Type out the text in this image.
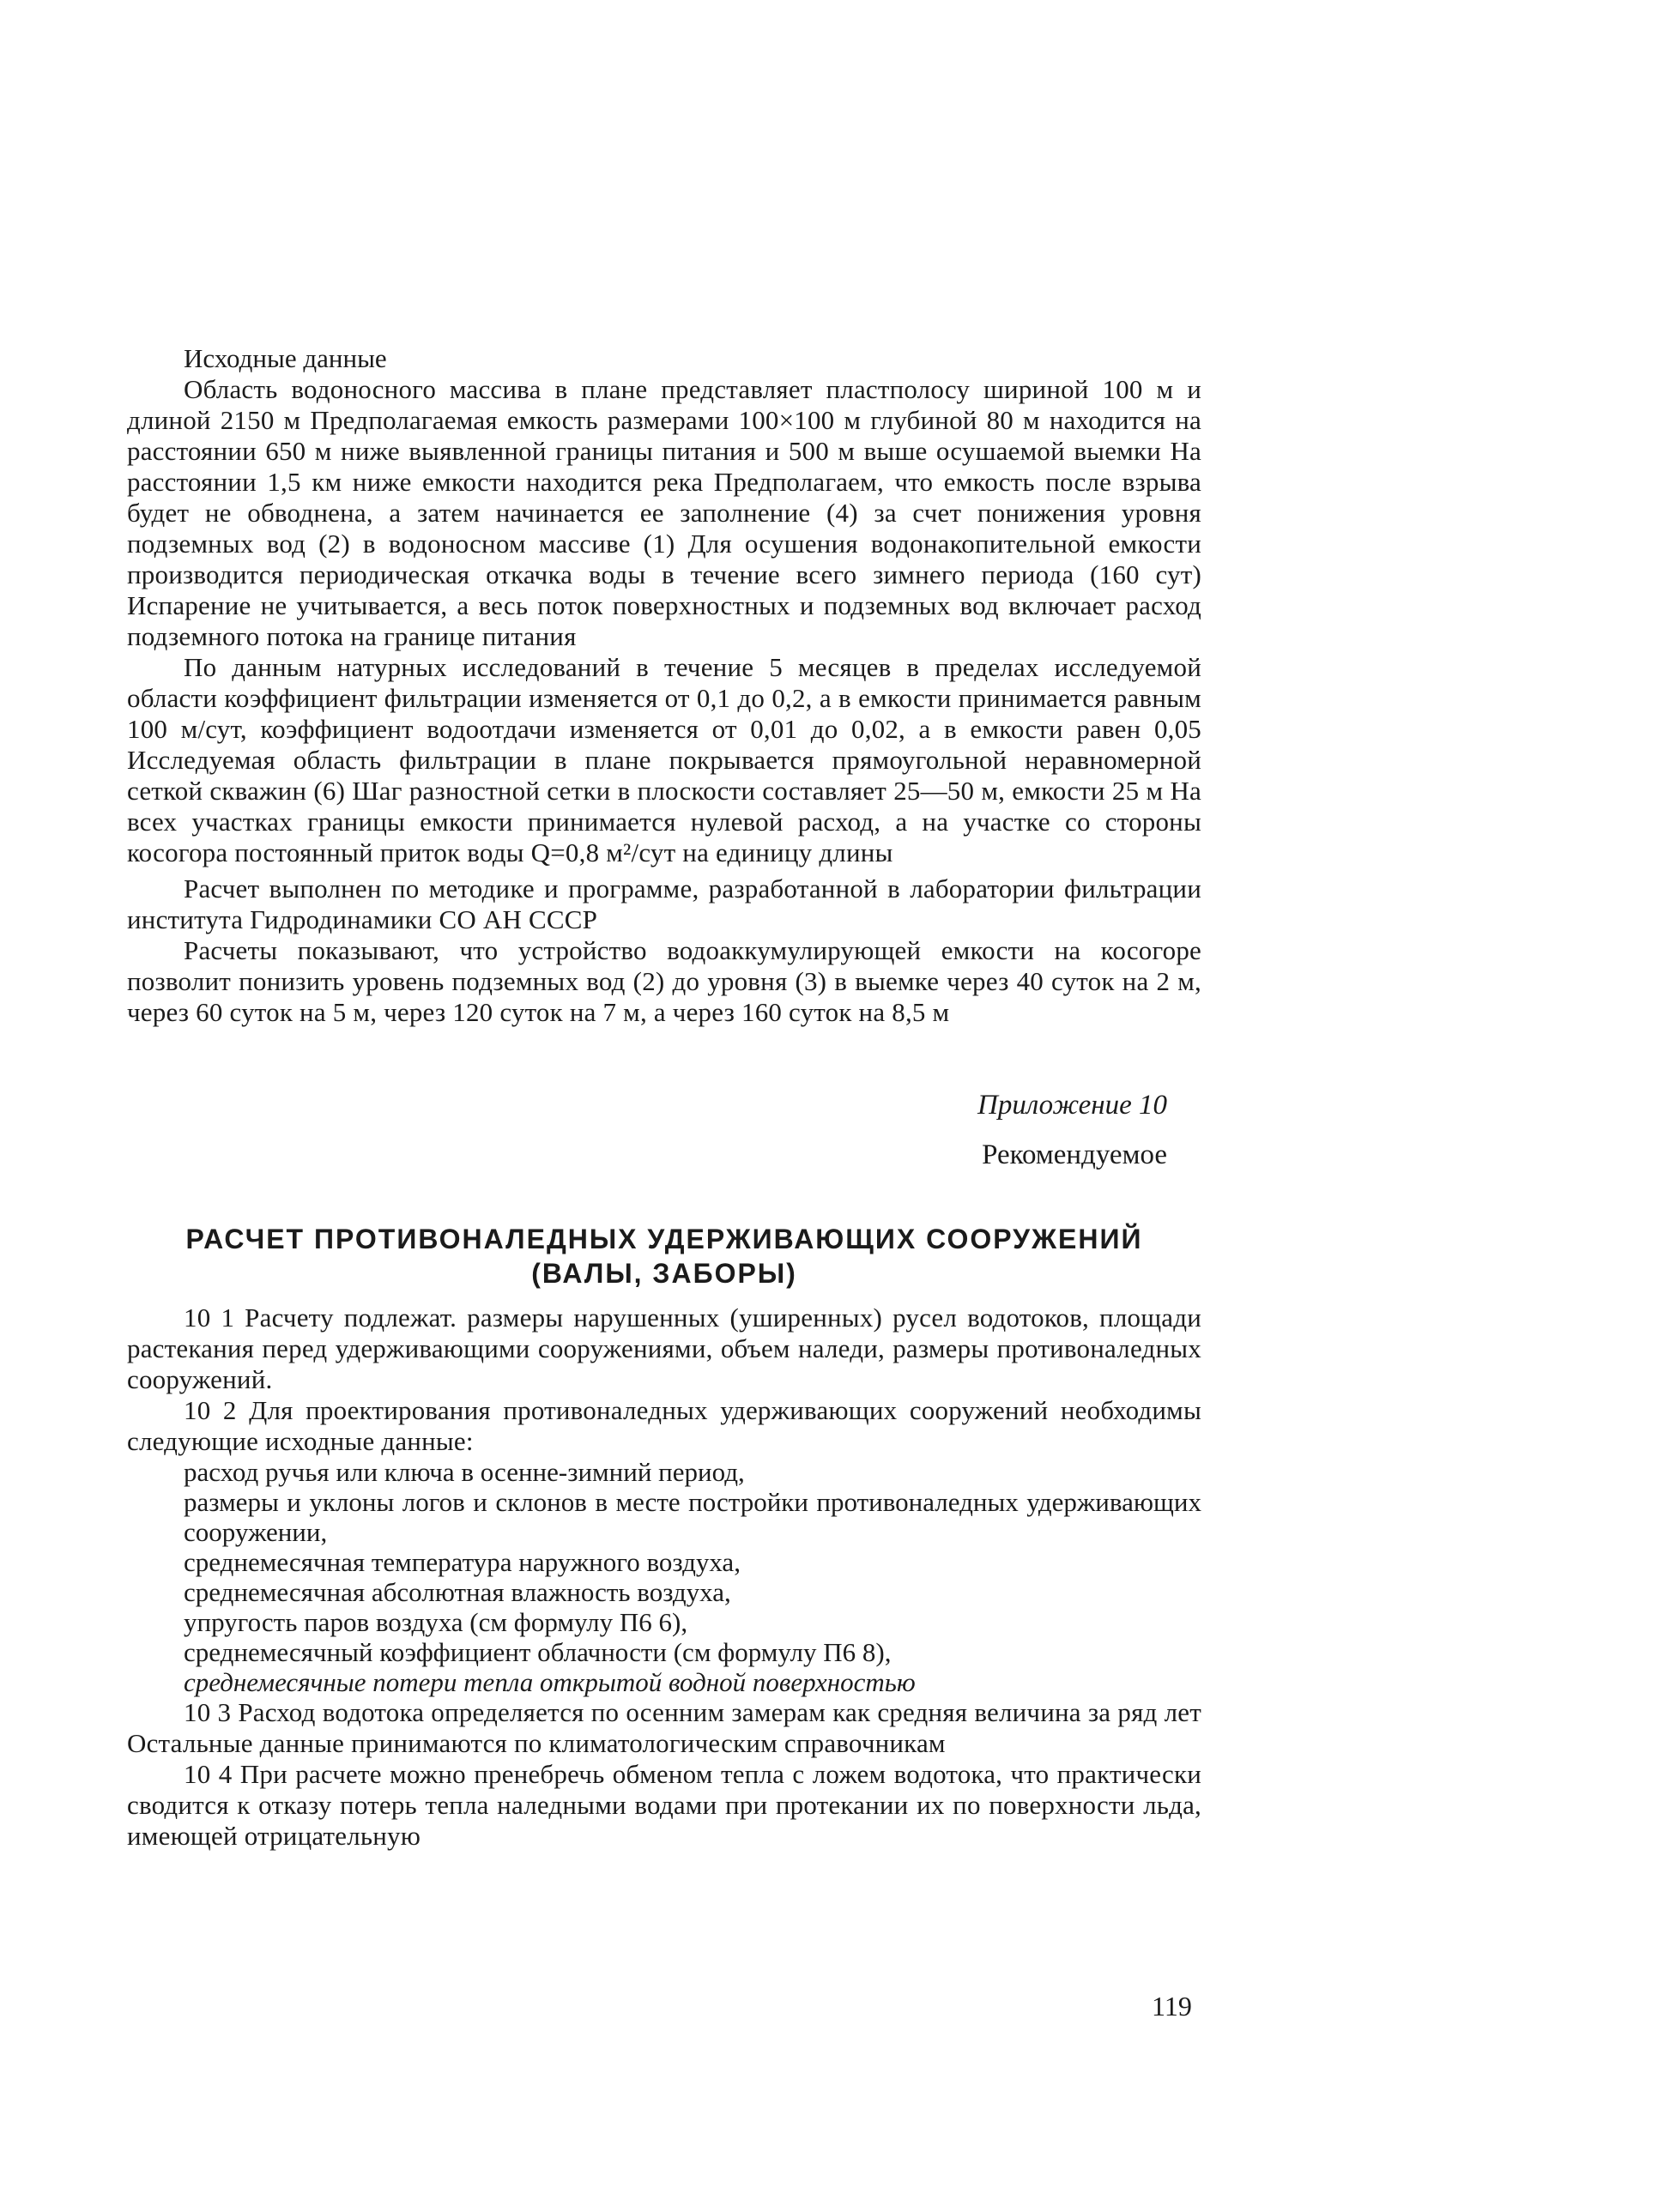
Исходные данные

Область водоносного массива в плане представляет пластполосу шириной 100 м и длиной 2150 м Предполагаемая емкость размерами 100×100 м глубиной 80 м находится на расстоянии 650 м ниже выявленной границы питания и 500 м выше осушаемой выемки На расстоянии 1,5 км ниже емкости находится река Предполагаем, что емкость после взрыва будет не обводнена, а затем начинается ее заполнение (4) за счет понижения уровня подземных вод (2) в водоносном массиве (1) Для осушения водонакопительной емкости производится периодическая откачка воды в течение всего зимнего периода (160 сут) Испарение не учитывается, а весь поток поверхностных и подземных вод включает расход подземного потока на границе питания

По данным натурных исследований в течение 5 месяцев в пределах исследуемой области коэффициент фильтрации изменяется от 0,1 до 0,2, а в емкости принимается равным 100 м/сут, коэффициент водоотдачи изменяется от 0,01 до 0,02, а в емкости равен 0,05 Исследуемая область фильтрации в плане покрывается прямоугольной неравномерной сеткой скважин (6) Шаг разностной сетки в плоскости составляет 25—50 м, емкости 25 м На всех участках границы емкости принимается нулевой расход, а на участке со стороны косогора постоянный приток воды Q=0,8 м²/сут на единицу длины

Расчет выполнен по методике и программе, разработанной в лаборатории фильтрации института Гидродинамики СО АН СССР

Расчеты показывают, что устройство водоаккумулирующей емкости на косогоре позволит понизить уровень подземных вод (2) до уровня (3) в выемке через 40 суток на 2 м, через 60 суток на 5 м, через 120 суток на 7 м, а через 160 суток на 8,5 м

Приложение 10
Рекомендуемое
РАСЧЕТ ПРОТИВОНАЛЕДНЫХ УДЕРЖИВАЮЩИХ СООРУЖЕНИЙ
(ВАЛЫ, ЗАБОРЫ)

10 1 Расчету подлежат. размеры нарушенных (уширенных) русел водотоков, площади растекания перед удерживающими сооружениями, объем наледи, размеры противоналедных сооружений.

10 2 Для проектирования противоналедных удерживающих сооружений необходимы следующие исходные данные:

расход ручья или ключа в осенне-зимний период,

размеры и уклоны логов и склонов в месте постройки противоналедных удерживающих сооружении,

среднемесячная температура наружного воздуха,

среднемесячная абсолютная влажность воздуха,

упругость паров воздуха (см формулу П6 6),

среднемесячный коэффициент облачности (см формулу П6 8),

среднемесячные потери тепла открытой водной поверхностью

10 3 Расход водотока определяется по осенним замерам как средняя величина за ряд лет Остальные данные принимаются по климатологическим справочникам

10 4 При расчете можно пренебречь обменом тепла с ложем водотока, что практически сводится к отказу потерь тепла наледными водами при протекании их по поверхности льда, имеющей отрицательную

119
